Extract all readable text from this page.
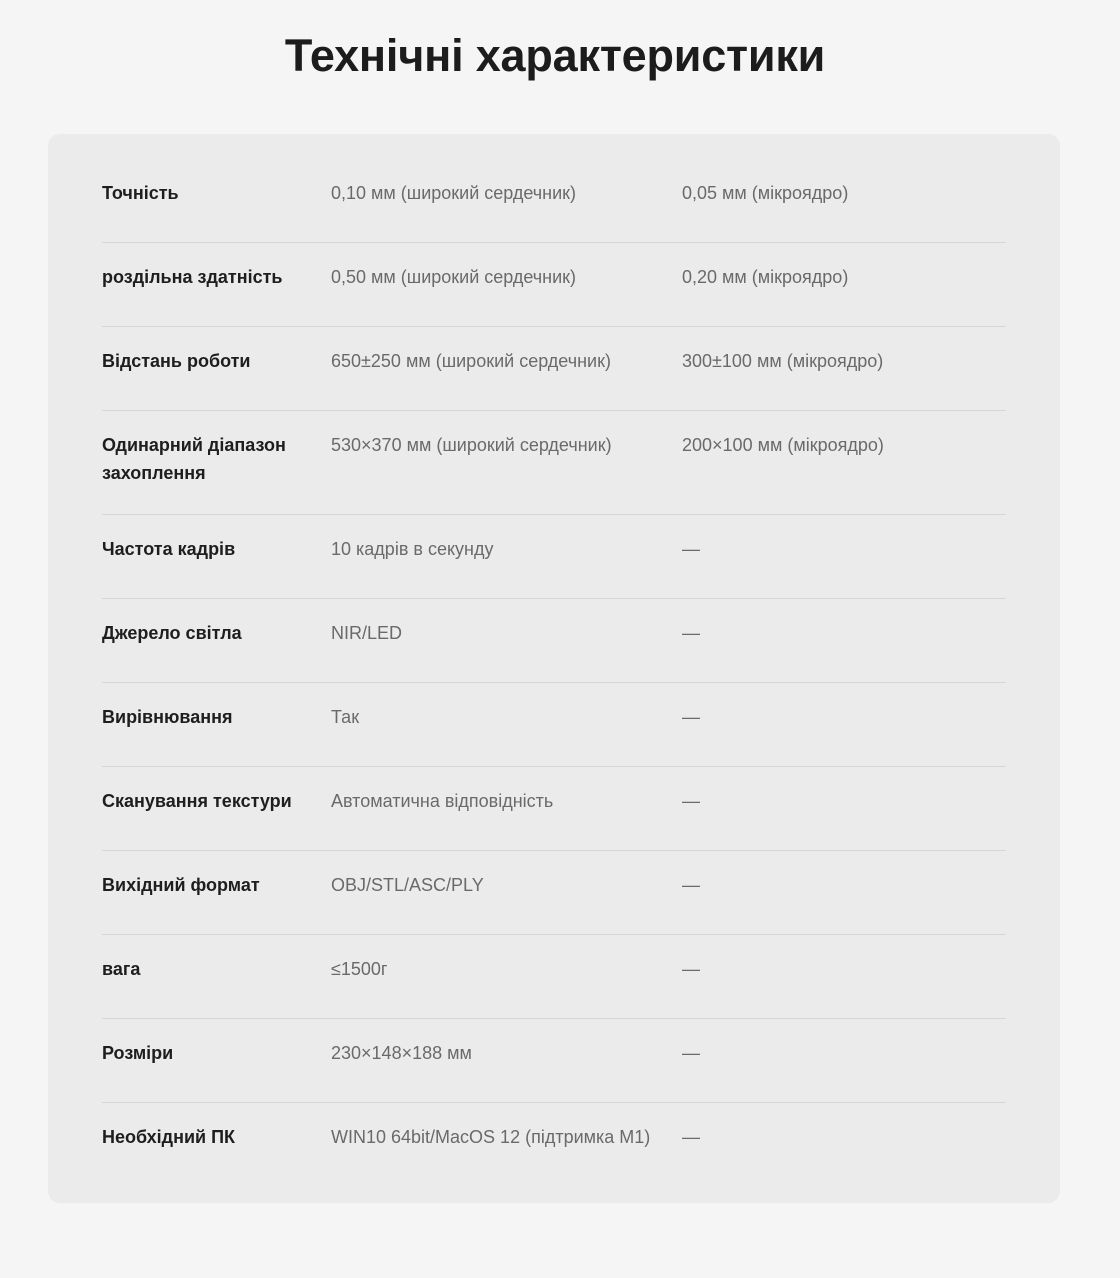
Технічні характеристики
Точність	0,10 мм (широкий сердечник)	0,05 мм (мікроядро)
роздільна здатність	0,50 мм (широкий сердечник)	0,20 мм (мікроядро)
Відстань роботи	650±250 мм (широкий сердечник)	300±100 мм (мікроядро)
Одинарний діапазон захоплення	530×370 мм (широкий сердечник)	200×100 мм (мікроядро)
Частота кадрів	10 кадрів в секунду	—
Джерело світла	NIR/LED	—
Вирівнювання	Так	—
Сканування текстури	Автоматична відповідність	—
Вихідний формат	OBJ/STL/ASC/PLY	—
вага	≤1500г	—
Розміри	230×148×188 мм	—
Необхідний ПК	WIN10 64bit/MacOS 12 (підтримка M1)	—
